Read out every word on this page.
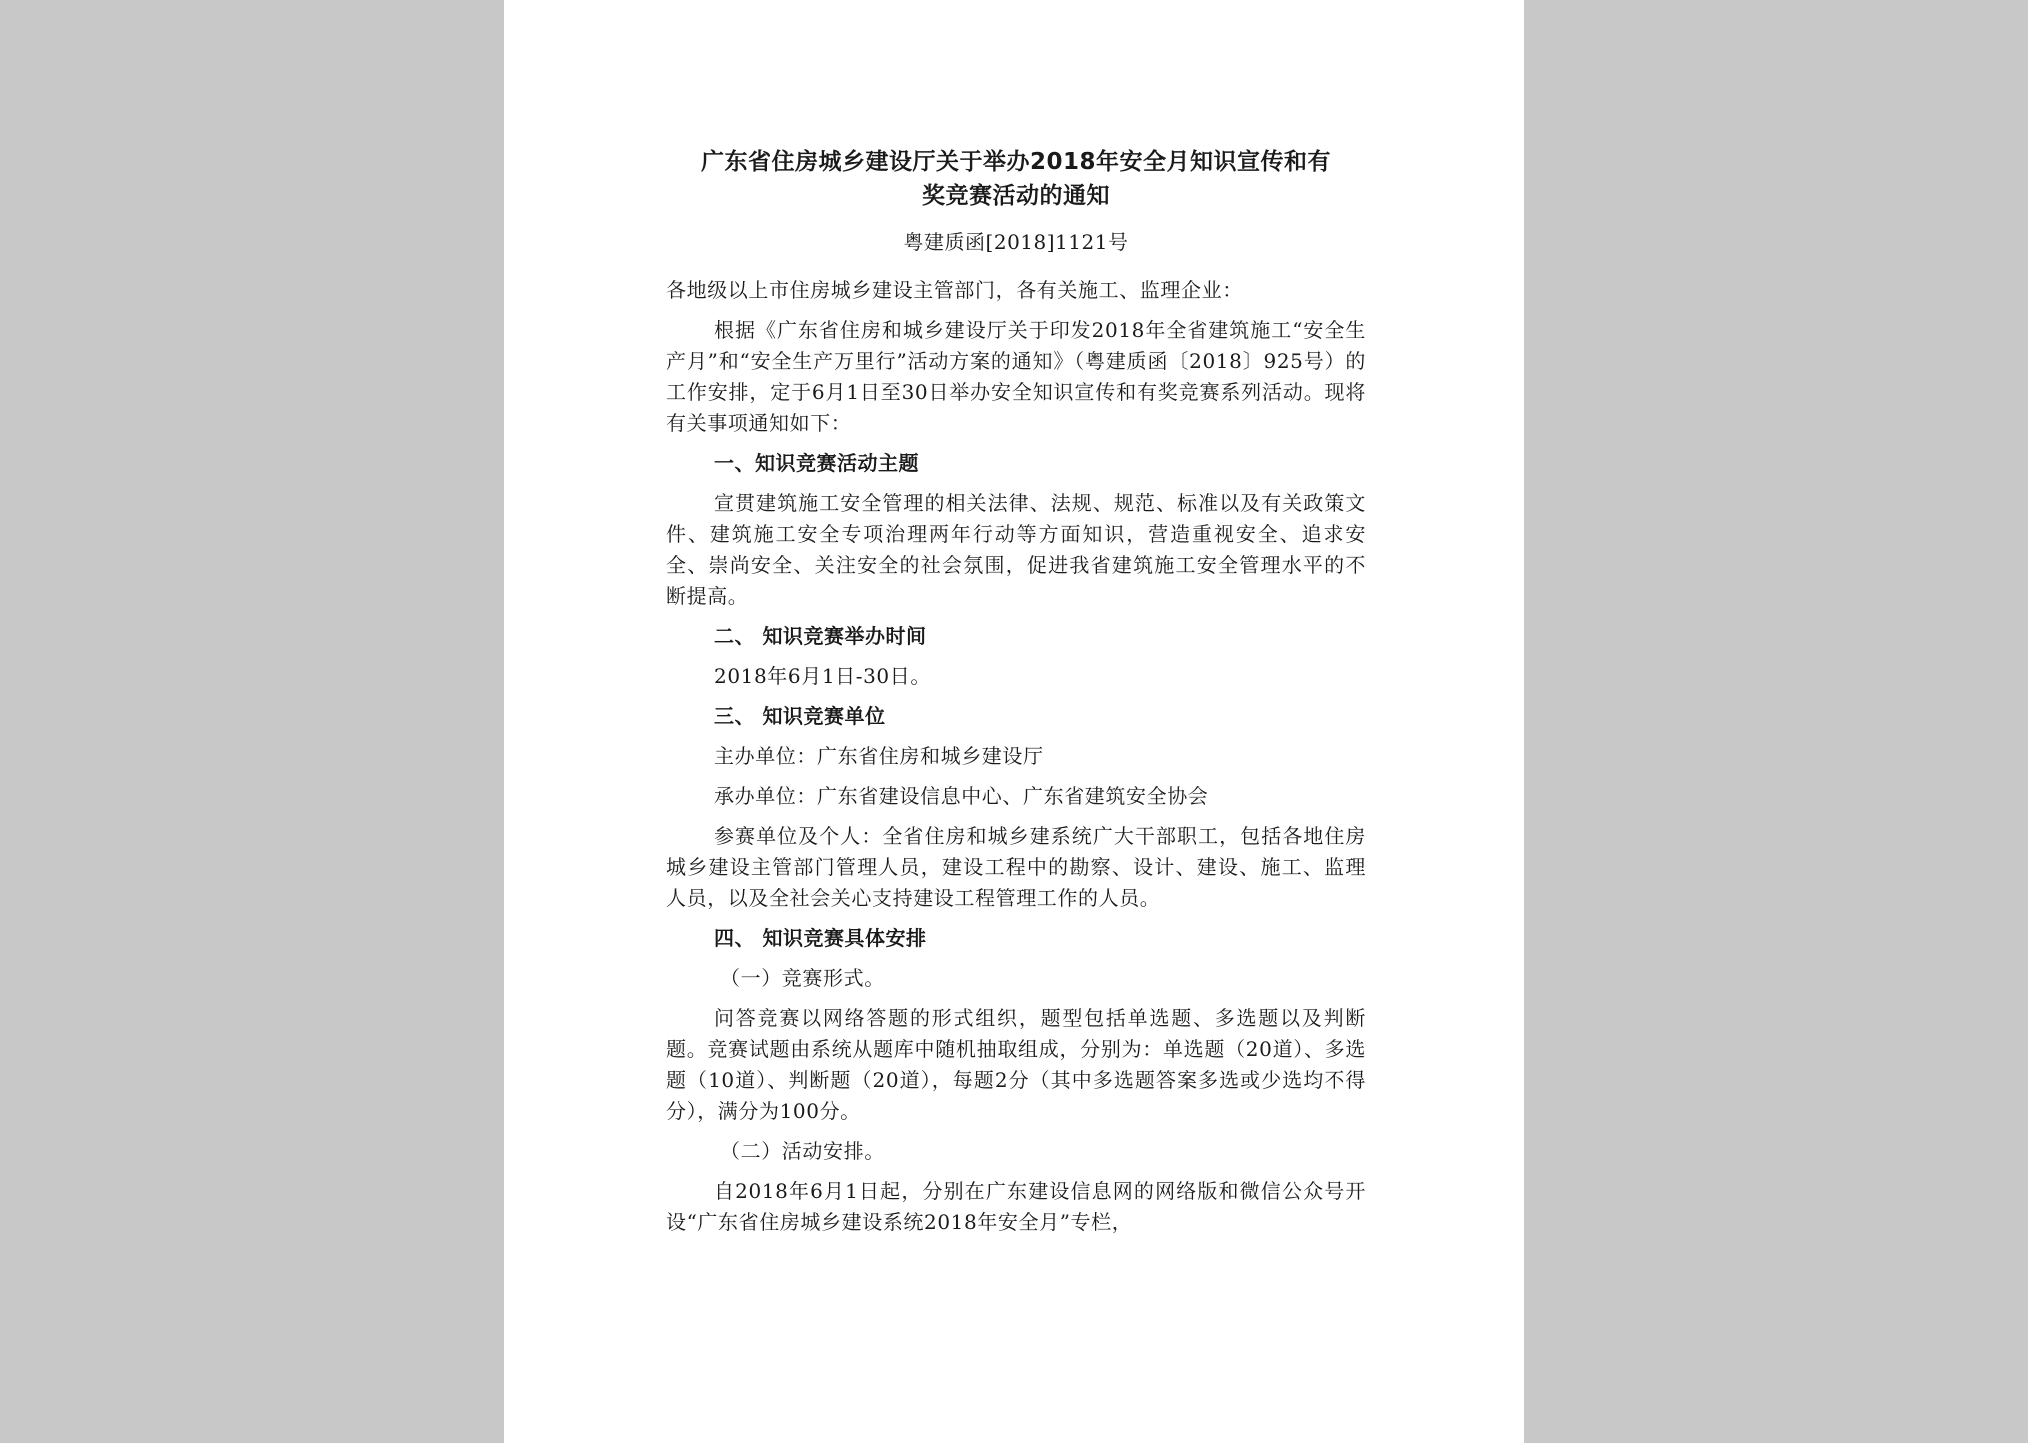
广东省住房城乡建设厅关于举办2018年安全月知识宣传和有
奖竞赛活动的通知
粤建质函[2018]1121号
各地级以上市住房城乡建设主管部门，各有关施工、监理企业：
根据《广东省住房和城乡建设厅关于印发2018年全省建筑施工“安全生产月”和“安全生产万里行”活动方案的通知》（粤建质函〔2018〕925号）的工作安排，定于6月1日至30日举办安全知识宣传和有奖竞赛系列活动。现将有关事项通知如下：
一、知识竞赛活动主题
宣贯建筑施工安全管理的相关法律、法规、规范、标准以及有关政策文件、建筑施工安全专项治理两年行动等方面知识，营造重视安全、追求安全、崇尚安全、关注安全的社会氛围，促进我省建筑施工安全管理水平的不断提高。
二、 知识竞赛举办时间
2018年6月1日-30日。
三、 知识竞赛单位
主办单位：广东省住房和城乡建设厅
承办单位：广东省建设信息中心、广东省建筑安全协会
参赛单位及个人：全省住房和城乡建系统广大干部职工，包括各地住房城乡建设主管部门管理人员，建设工程中的勘察、设计、建设、施工、监理人员，以及全社会关心支持建设工程管理工作的人员。
四、 知识竞赛具体安排
（一）竞赛形式。
问答竞赛以网络答题的形式组织，题型包括单选题、多选题以及判断题。竞赛试题由系统从题库中随机抽取组成，分别为：单选题（20道）、多选题（10道）、判断题（20道），每题2分（其中多选题答案多选或少选均不得分），满分为100分。
（二）活动安排。
自2018年6月1日起，分别在广东建设信息网的网络版和微信公众号开设“广东省住房城乡建设系统2018年安全月”专栏，
